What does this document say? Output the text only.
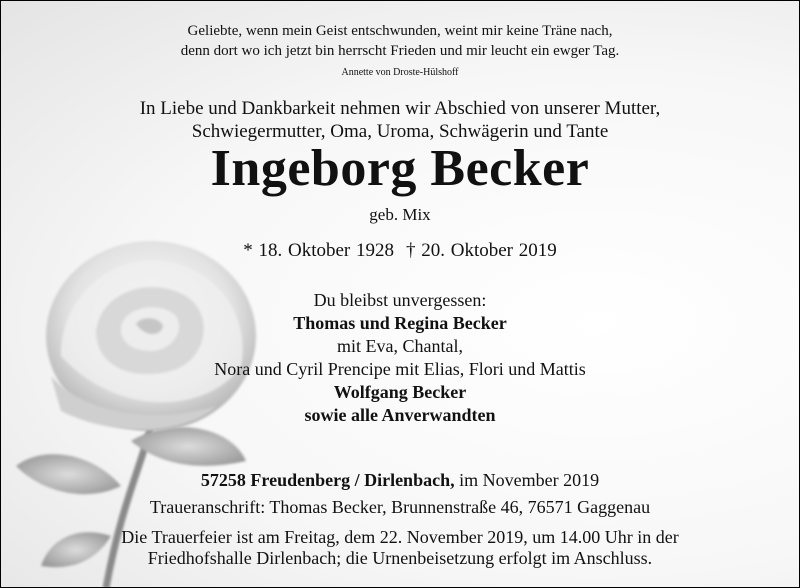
Geliebte, wenn mein Geist entschwunden, weint mir keine Träne nach,
denn dort wo ich jetzt bin herrscht Frieden und mir leucht ein ewger Tag.
Annette von Droste-Hülshoff
In Liebe und Dankbarkeit nehmen wir Abschied von unserer Mutter,
Schwiegermutter, Oma, Uroma, Schwägerin und Tante
Ingeborg Becker
geb. Mix
* 18. Oktober 1928 † 20. Oktober 2019
Du bleibst unvergessen:
Thomas und Regina Becker
mit Eva, Chantal,
Nora und Cyril Prencipe mit Elias, Flori und Mattis
Wolfgang Becker
sowie alle Anverwandten
57258 Freudenberg / Dirlenbach, im November 2019
Traueranschrift: Thomas Becker, Brunnenstraße 46, 76571 Gaggenau
Die Trauerfeier ist am Freitag, dem 22. November 2019, um 14.00 Uhr in der
Friedhofshalle Dirlenbach; die Urnenbeisetzung erfolgt im Anschluss.
